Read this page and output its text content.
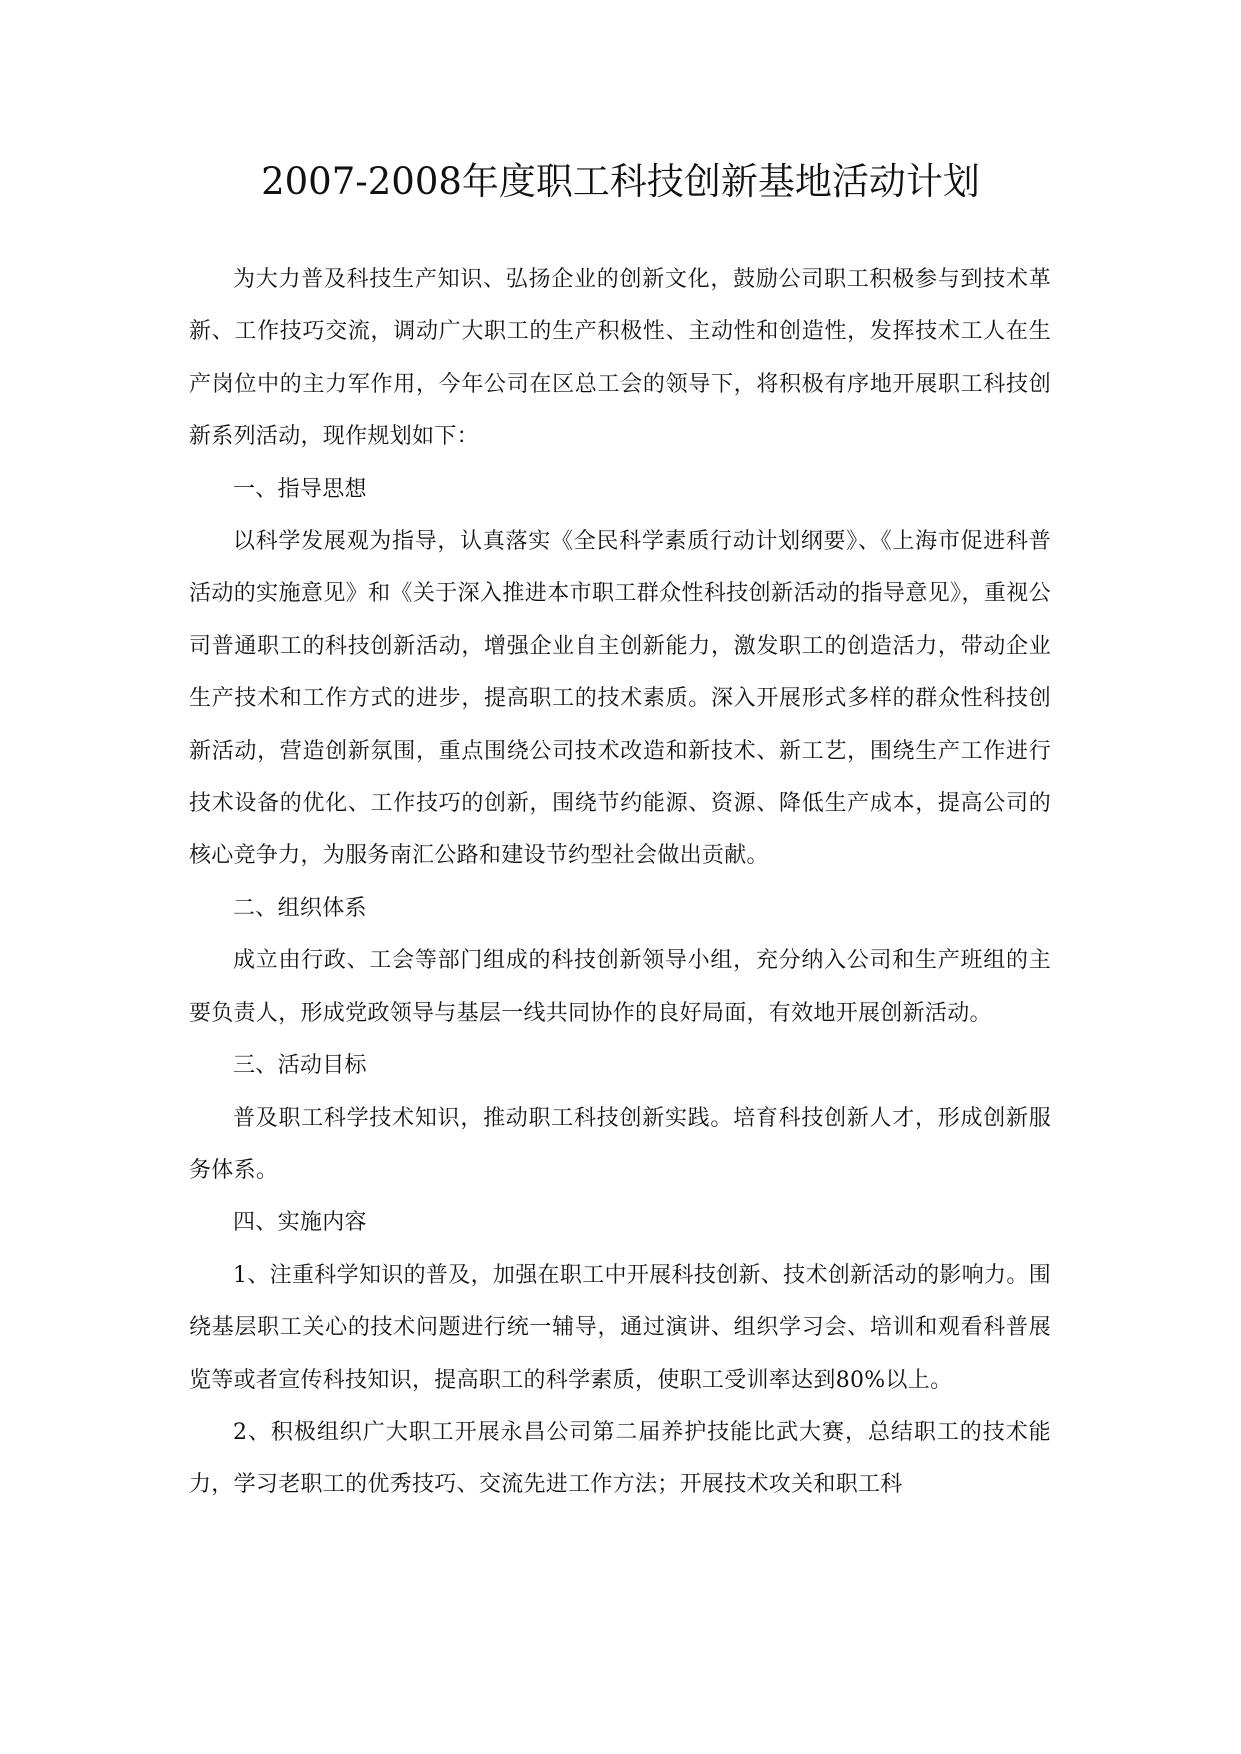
2007-2008年度职工科技创新基地活动计划

为大力普及科技生产知识、弘扬企业的创新文化，鼓励公司职工积极参与到技术革新、工作技巧交流，调动广大职工的生产积极性、主动性和创造性，发挥技术工人在生产岗位中的主力军作用，今年公司在区总工会的领导下，将积极有序地开展职工科技创新系列活动，现作规划如下：

一、指导思想

以科学发展观为指导，认真落实《全民科学素质行动计划纲要》、《上海市促进科普活动的实施意见》和《关于深入推进本市职工群众性科技创新活动的指导意见》，重视公司普通职工的科技创新活动，增强企业自主创新能力，激发职工的创造活力，带动企业生产技术和工作方式的进步，提高职工的技术素质。深入开展形式多样的群众性科技创新活动，营造创新氛围，重点围绕公司技术改造和新技术、新工艺，围绕生产工作进行技术设备的优化、工作技巧的创新，围绕节约能源、资源、降低生产成本，提高公司的核心竞争力，为服务南汇公路和建设节约型社会做出贡献。

二、组织体系

成立由行政、工会等部门组成的科技创新领导小组，充分纳入公司和生产班组的主要负责人，形成党政领导与基层一线共同协作的良好局面，有效地开展创新活动。

三、活动目标

普及职工科学技术知识，推动职工科技创新实践。培育科技创新人才，形成创新服务体系。

四、实施内容

1、注重科学知识的普及，加强在职工中开展科技创新、技术创新活动的影响力。围绕基层职工关心的技术问题进行统一辅导，通过演讲、组织学习会、培训和观看科普展览等或者宣传科技知识，提高职工的科学素质，使职工受训率达到80%以上。

2、积极组织广大职工开展永昌公司第二届养护技能比武大赛，总结职工的技术能力，学习老职工的优秀技巧、交流先进工作方法；开展技术攻关和职工科
